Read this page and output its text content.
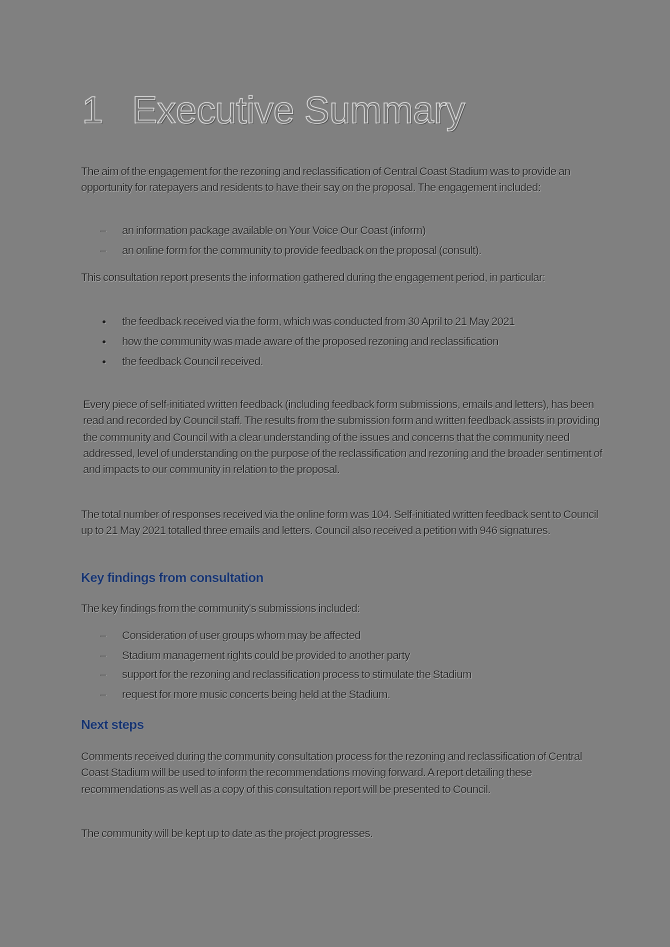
1 Executive Summary

The aim of the engagement for the rezoning and reclassification of Central Coast Stadium was to provide an opportunity for ratepayers and residents to have their say on the proposal. The engagement included:

– an information package available on Your Voice Our Coast (inform)
– an online form for the community to provide feedback on the proposal (consult).

This consultation report presents the information gathered during the engagement period, in particular:

• the feedback received via the form, which was conducted from 30 April to 21 May 2021
• how the community was made aware of the proposed rezoning and reclassification
• the feedback Council received.

Every piece of self-initiated written feedback (including feedback form submissions, emails and letters), has been read and recorded by Council staff. The results from the submission form and written feedback assists in providing the community and Council with a clear understanding of the issues and concerns that the community need addressed, level of understanding on the purpose of the reclassification and rezoning and the broader sentiment of and impacts to our community in relation to the proposal.

The total number of responses received via the online form was 104. Self-initiated written feedback sent to Council up to 21 May 2021 totalled three emails and letters. Council also received a petition with 946 signatures.

Key findings from consultation

The key findings from the community's submissions included:

– Consideration of user groups whom may be affected
– Stadium management rights could be provided to another party
– support for the rezoning and reclassification process to stimulate the Stadium
– request for more music concerts being held at the Stadium.
Next steps

Comments received during the community consultation process for the rezoning and reclassification of Central Coast Stadium will be used to inform the recommendations moving forward. A report detailing these recommendations as well as a copy of this consultation report will be presented to Council.

The community will be kept up to date as the project progresses.
